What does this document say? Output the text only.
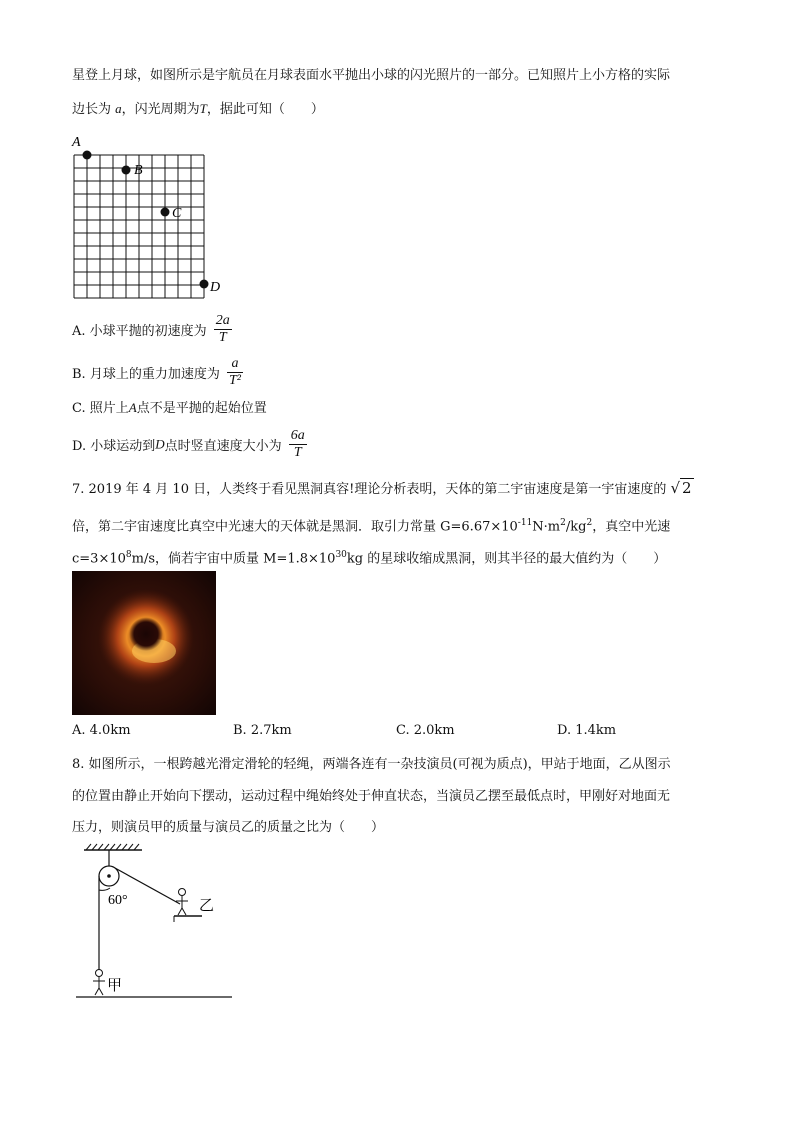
星登上月球，如图所示是宇航员在月球表面水平抛出小球的闪光照片的一部分。已知照片上小方格的实际
边长为 a，闪光周期为T，据此可知（　　）
A
B
C
D
A. 小球平抛的初速度为 $\frac{2a}{T}$
B. 月球上的重力加速度为 $\frac{a}{\text{T²}}$
C. 照片上A点不是平抛的起始位置
D. 小球运动到D点时竖直速度大小为 $\frac{6a}{T}$
7. 2019 年 4 月 10 日，人类终于看见黑洞真容!理论分析表明，天体的第二宇宙速度是第一宇宙速度的 √ 2
倍，第二宇宙速度比真空中光速大的天体就是黑洞．取引力常量 $G=6.67\times 10^{-11}N\cdot m^2/kg^2$，真空中光速
$c=3\times 10^8m/s$，倘若宇宙中质量 $M=1.8\times 10^{30}kg$ 的星球收缩成黑洞，则其半径的最大值约为（　　）
A. 4.0km	B. 2.7km	C. 2.0km	D. 1.4km
8. 如图所示，一根跨越光滑定滑轮的轻绳，两端各连有一杂技演员(可视为质点)，甲站于地面，乙从图示
的位置由静止开始向下摆动，运动过程中绳始终处于伸直状态，当演员乙摆至最低点时，甲刚好对地面无
压力，则演员甲的质量与演员乙的质量之比为（　　）
60°	乙
甲
